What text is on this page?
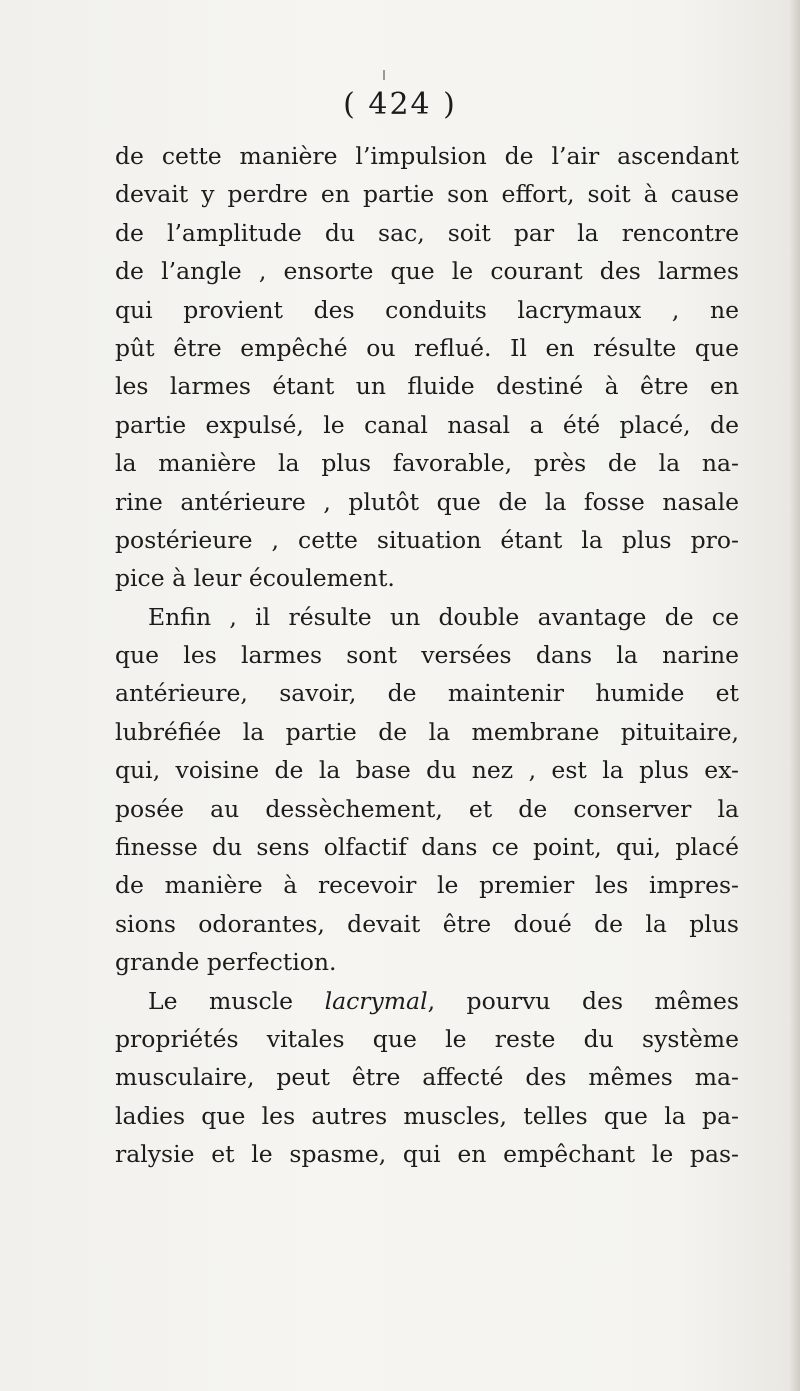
( 424 )
de cette manière l’impulsion de l’air ascendant
devait y perdre en partie son effort, soit à cause
de l’amplitude du sac, soit par la rencontre
de l’angle , ensorte que le courant des larmes
qui provient des conduits lacrymaux , ne
pût être empêché ou reflué. Il en résulte que
les larmes étant un fluide destiné à être en
partie expulsé, le canal nasal a été placé, de
la manière la plus favorable, près de la na-
rine antérieure , plutôt que de la fosse nasale
postérieure , cette situation étant la plus pro-
pice à leur écoulement.
Enfin , il résulte un double avantage de ce
que les larmes sont versées dans la narine
antérieure, savoir, de maintenir humide et
lubréfiée la partie de la membrane pituitaire,
qui, voisine de la base du nez , est la plus ex-
posée au dessèchement, et de conserver la
finesse du sens olfactif dans ce point, qui, placé
de manière à recevoir le premier les impres-
sions odorantes, devait être doué de la plus
grande perfection.
Le muscle lacrymal, pourvu des mêmes
propriétés vitales que le reste du système
musculaire, peut être affecté des mêmes ma-
ladies que les autres muscles, telles que la pa-
ralysie et le spasme, qui en empêchant le pas-
